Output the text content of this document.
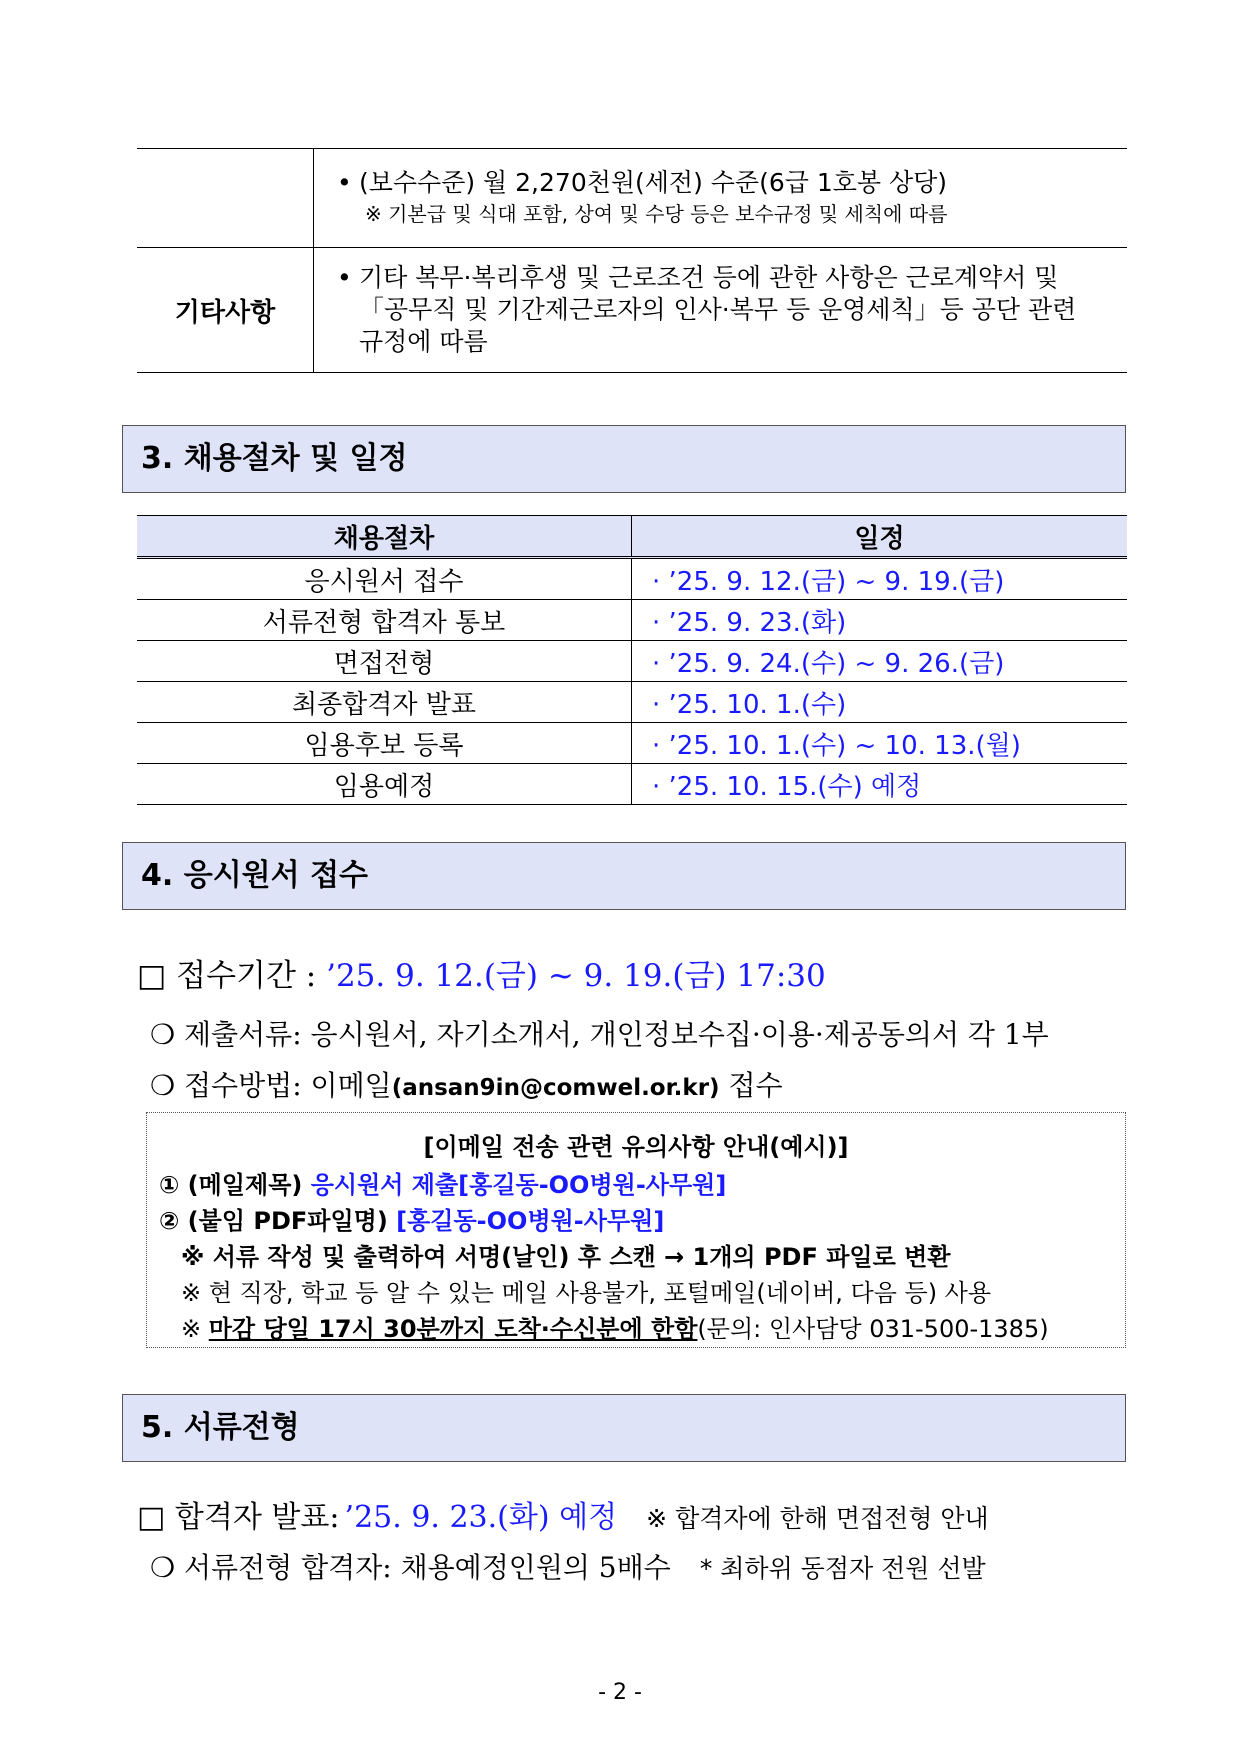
	• (보수수준) 월 2,270천원(세전) 수준(6급 1호봉 상당)
※ 기본급 및 식대 포함, 상여 및 수당 등은 보수규정 및 세칙에 따름

기타사항	• 기타 복무·복리후생 및 근로조건 등에 관한 사항은 근로계약서 및
「공무직 및 기간제근로자의 인사·복무 등 운영세칙」등 공단 관련
규정에 따름
3. 채용절차 및 일정
채용절차	일정
응시원서 접수	· ’25. 9. 12.(금) ~ 9. 19.(금)
서류전형 합격자 통보	· ’25. 9. 23.(화)
면접전형	· ’25. 9. 24.(수) ~ 9. 26.(금)
최종합격자 발표	· ’25. 10. 1.(수)
임용후보 등록	· ’25. 10. 1.(수) ~ 10. 13.(월)
임용예정	· ’25. 10. 15.(수) 예정
4. 응시원서 접수
□ 접수기간 : ’25. 9. 12.(금) ~ 9. 19.(금) 17:30
❍ 제출서류: 응시원서, 자기소개서, 개인정보수집·이용·제공동의서 각 1부
❍ 접수방법: 이메일(ansan9in@comwel.or.kr) 접수
[이메일 전송 관련 유의사항 안내(예시)]
① (메일제목) 응시원서 제출[홍길동-OO병원-사무원]
② (붙임 PDF파일명) [홍길동-OO병원-사무원]
※ 서류 작성 및 출력하여 서명(날인) 후 스캔 → 1개의 PDF 파일로 변환
※ 현 직장, 학교 등 알 수 있는 메일 사용불가, 포털메일(네이버, 다음 등) 사용
※ 마감 당일 17시 30분까지 도착·수신분에 한함(문의: 인사담당 031-500-1385)
5. 서류전형
□ 합격자 발표: ’25. 9. 23.(화) 예정 ※ 합격자에 한해 면접전형 안내
❍ 서류전형 합격자: 채용예정인원의 5배수 * 최하위 동점자 전원 선발
- 2 -
